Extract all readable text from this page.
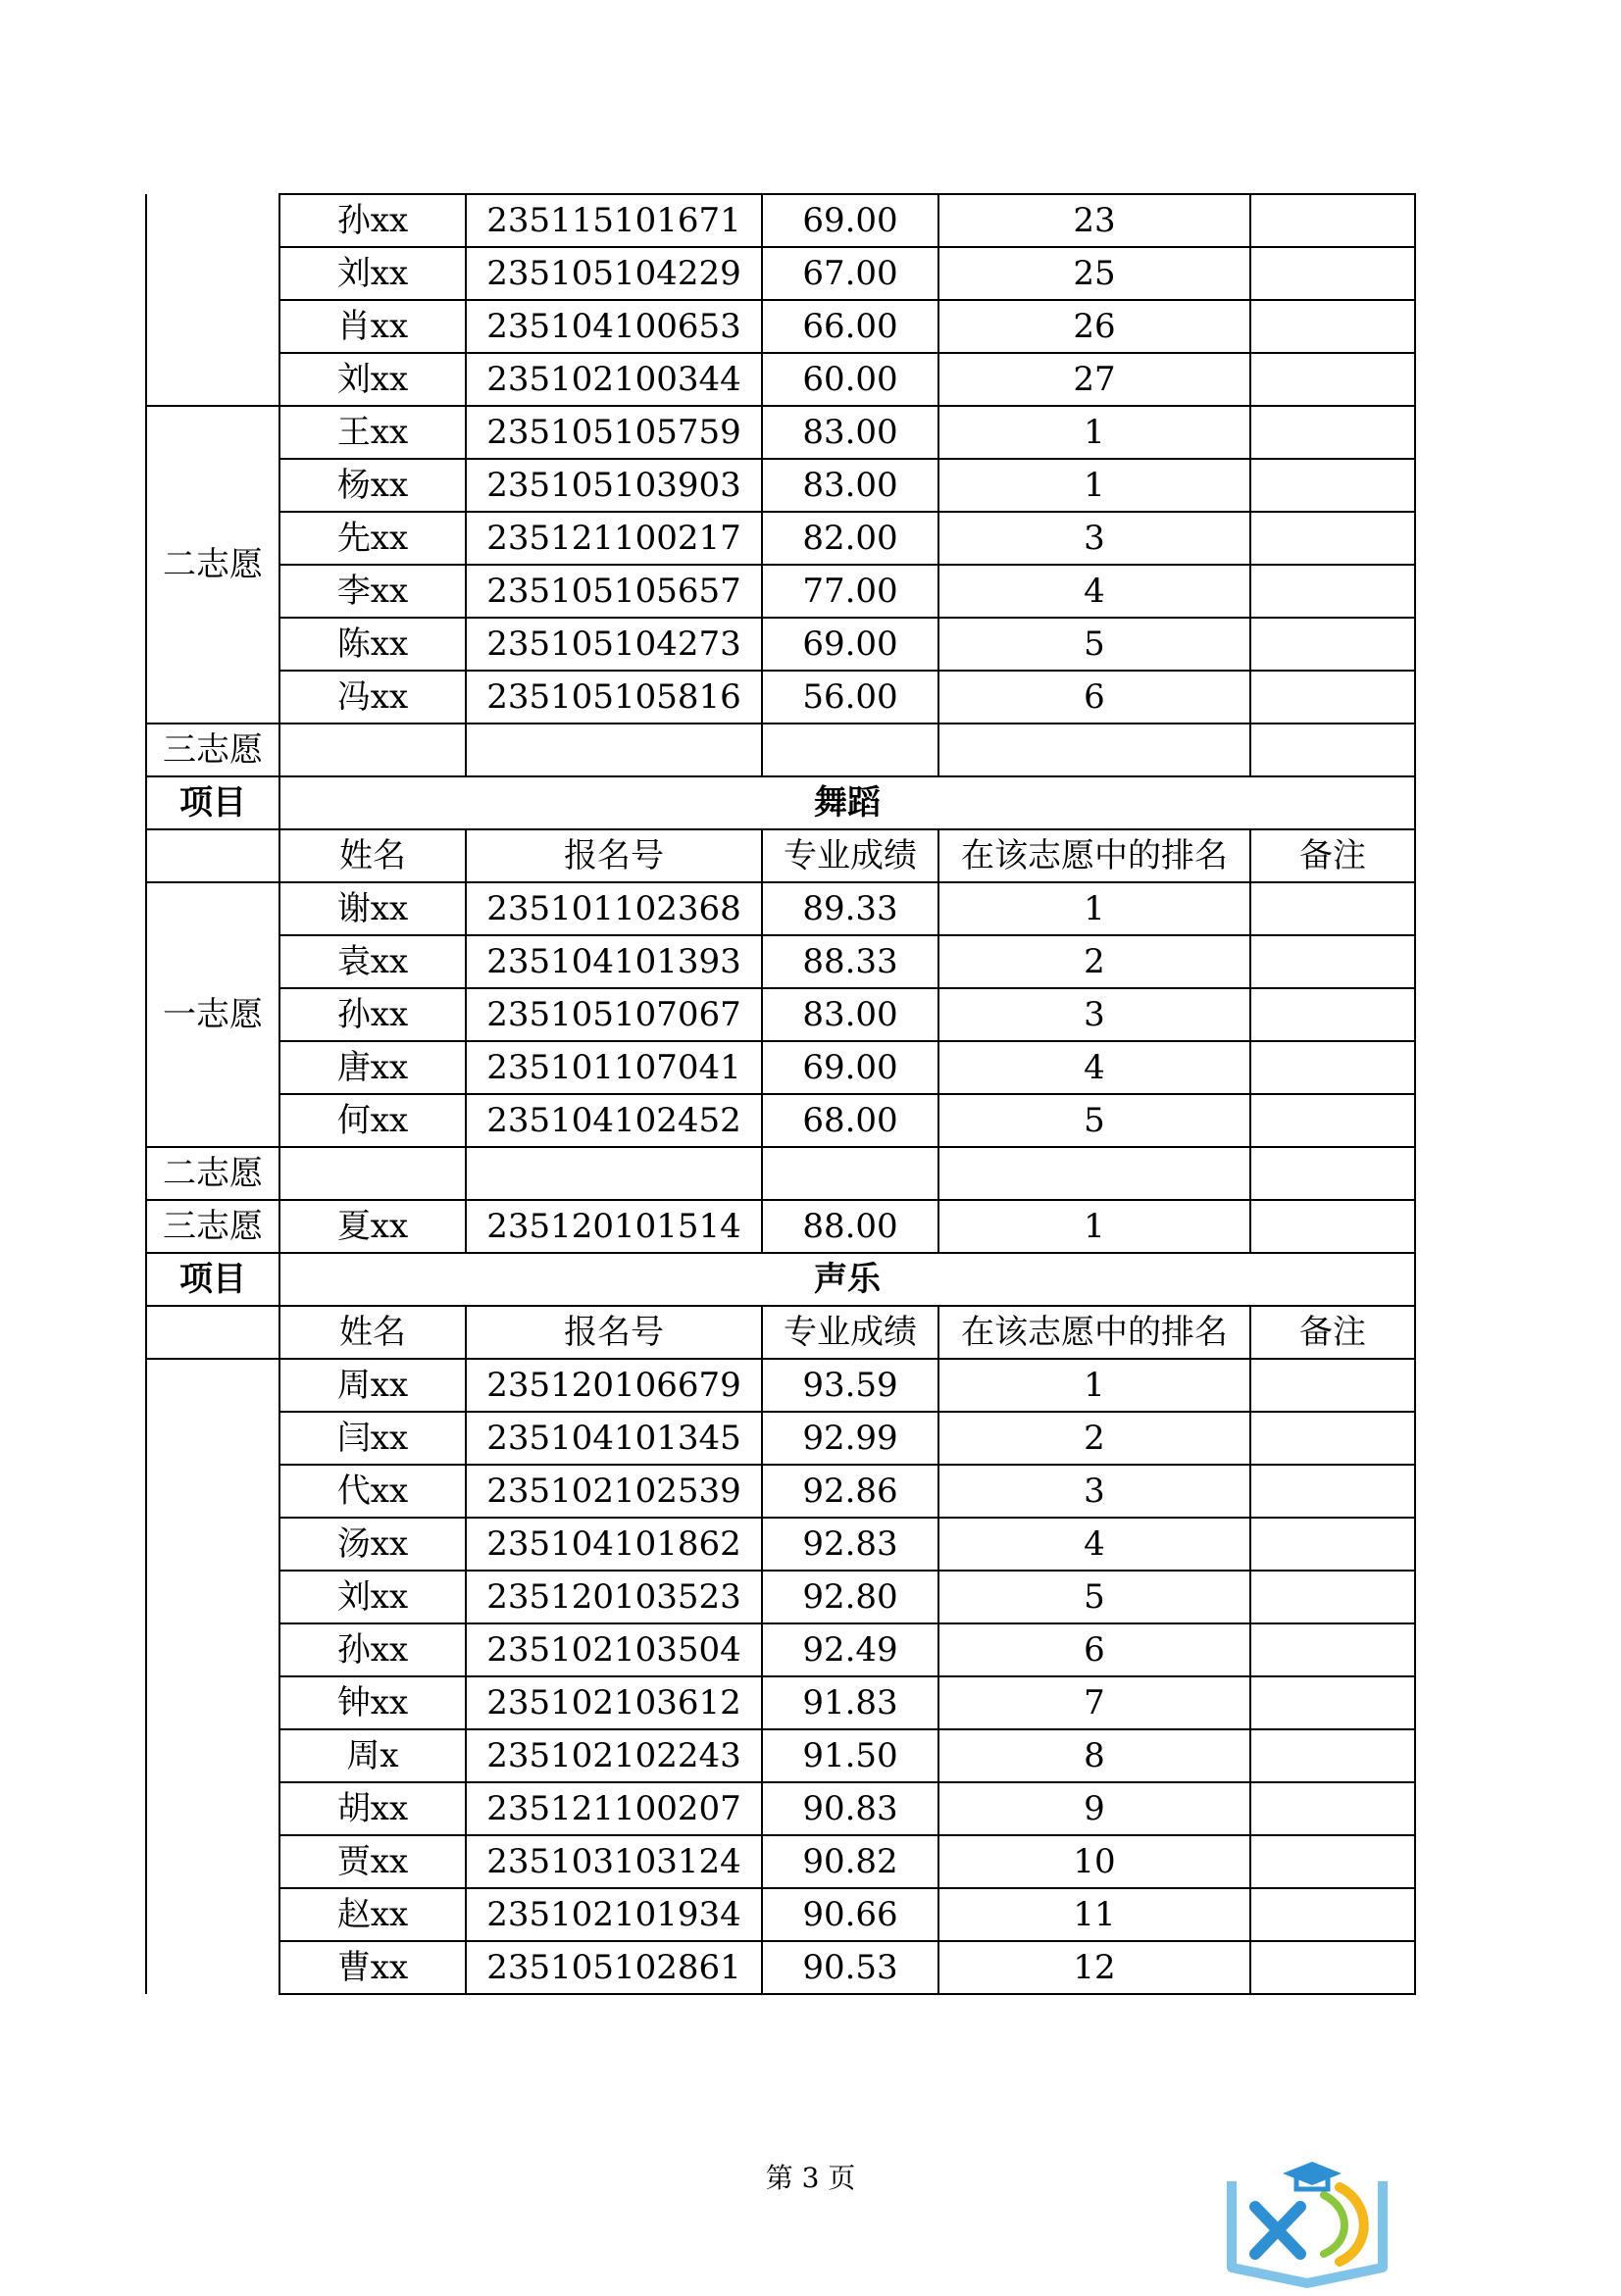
	孙xx	235115101671	69.00	23	
	刘xx	235105104229	67.00	25	
	肖xx	235104100653	66.00	26	
	刘xx	235102100344	60.00	27	
二志愿	王xx	235105105759	83.00	1	
	杨xx	235105103903	83.00	1	
	先xx	235121100217	82.00	3	
	李xx	235105105657	77.00	4	
	陈xx	235105104273	69.00	5	
	冯xx	235105105816	56.00	6	
三志愿					
项目	舞蹈				
	姓名	报名号	专业成绩	在该志愿中的排名	备注
一志愿	谢xx	235101102368	89.33	1	
	袁xx	235104101393	88.33	2	
	孙xx	235105107067	83.00	3	
	唐xx	235101107041	69.00	4	
	何xx	235104102452	68.00	5	
二志愿					
三志愿	夏xx	235120101514	88.00	1	
项目	声乐				
	姓名	报名号	专业成绩	在该志愿中的排名	备注
	周xx	235120106679	93.59	1	
	闫xx	235104101345	92.99	2	
	代xx	235102102539	92.86	3	
	汤xx	235104101862	92.83	4	
	刘xx	235120103523	92.80	5	
	孙xx	235102103504	92.49	6	
	钟xx	235102103612	91.83	7	
	周x	235102102243	91.50	8	
	胡xx	235121100207	90.83	9	
	贾xx	235103103124	90.82	10	
	赵xx	235102101934	90.66	11	
	曹xx	235105102861	90.53	12	
第 3 页
